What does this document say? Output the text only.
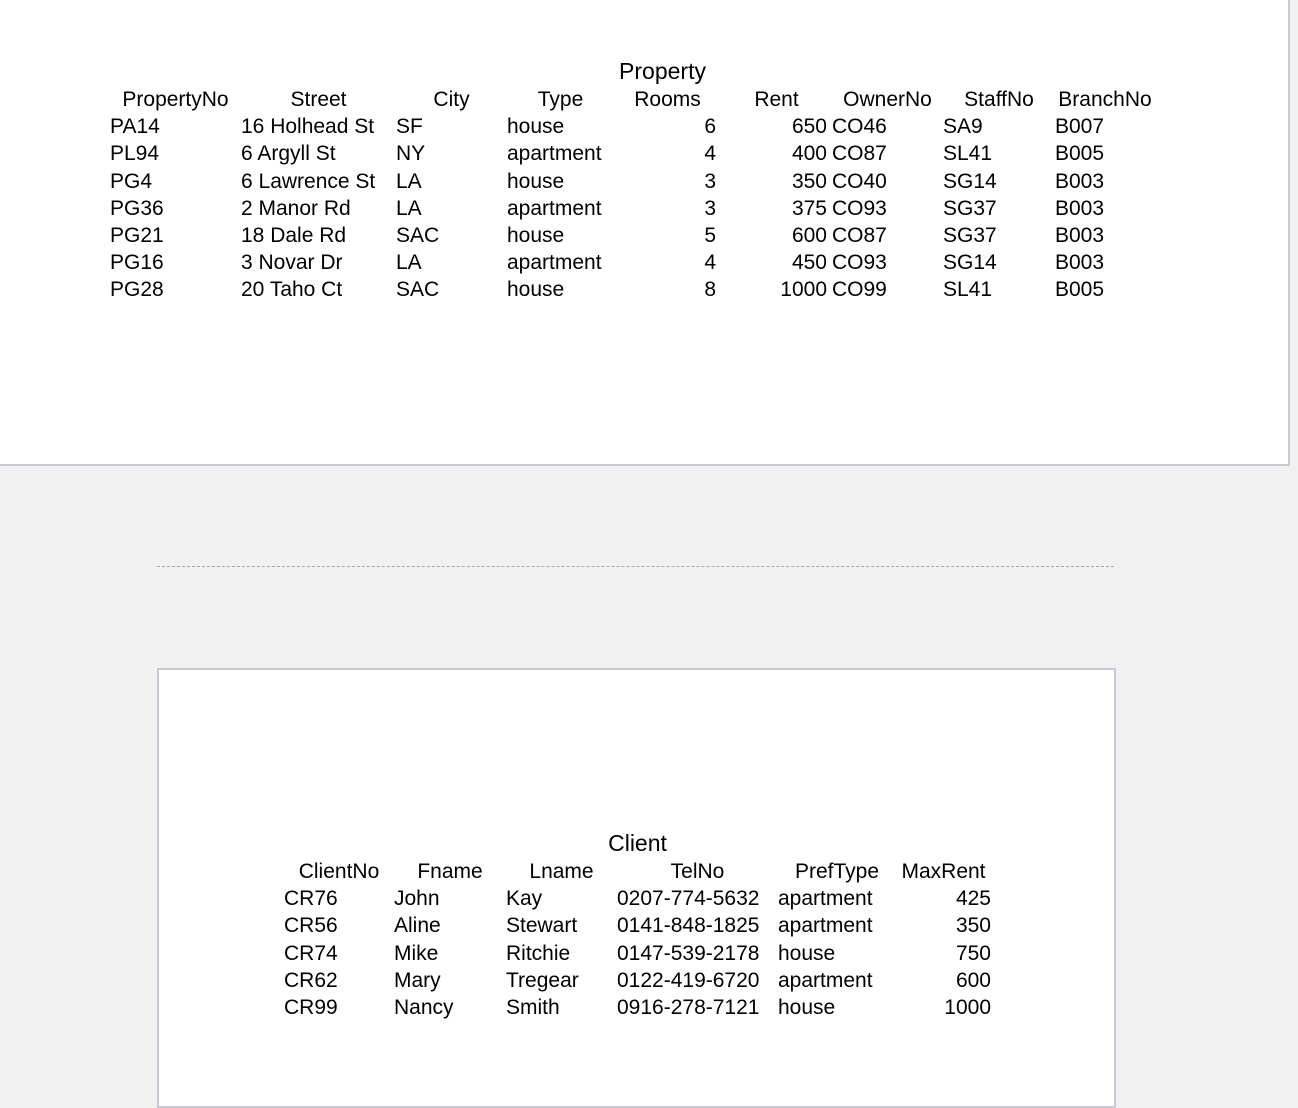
Property								
PropertyNo	Street	City	Type	Rooms	Rent	OwnerNo	StaffNo	BranchNo
PA14	16 Holhead St	SF	house	6	650	CO46	SA9	B007
PL94	6 Argyll St	NY	apartment	4	400	CO87	SL41	B005
PG4	6 Lawrence St	LA	house	3	350	CO40	SG14	B003
PG36	2 Manor Rd	LA	apartment	3	375	CO93	SG37	B003
PG21	18 Dale Rd	SAC	house	5	600	CO87	SG37	B003
PG16	3 Novar Dr	LA	apartment	4	450	CO93	SG14	B003
PG28	20 Taho Ct	SAC	house	8	1000	CO99	SL41	B005
Client					
ClientNo	Fname	Lname	TelNo	PrefType	MaxRent
CR76	John	Kay	0207-774-5632	apartment	425
CR56	Aline	Stewart	0141-848-1825	apartment	350
CR74	Mike	Ritchie	0147-539-2178	house	750
CR62	Mary	Tregear	0122-419-6720	apartment	600
CR99	Nancy	Smith	0916-278-7121	house	1000
